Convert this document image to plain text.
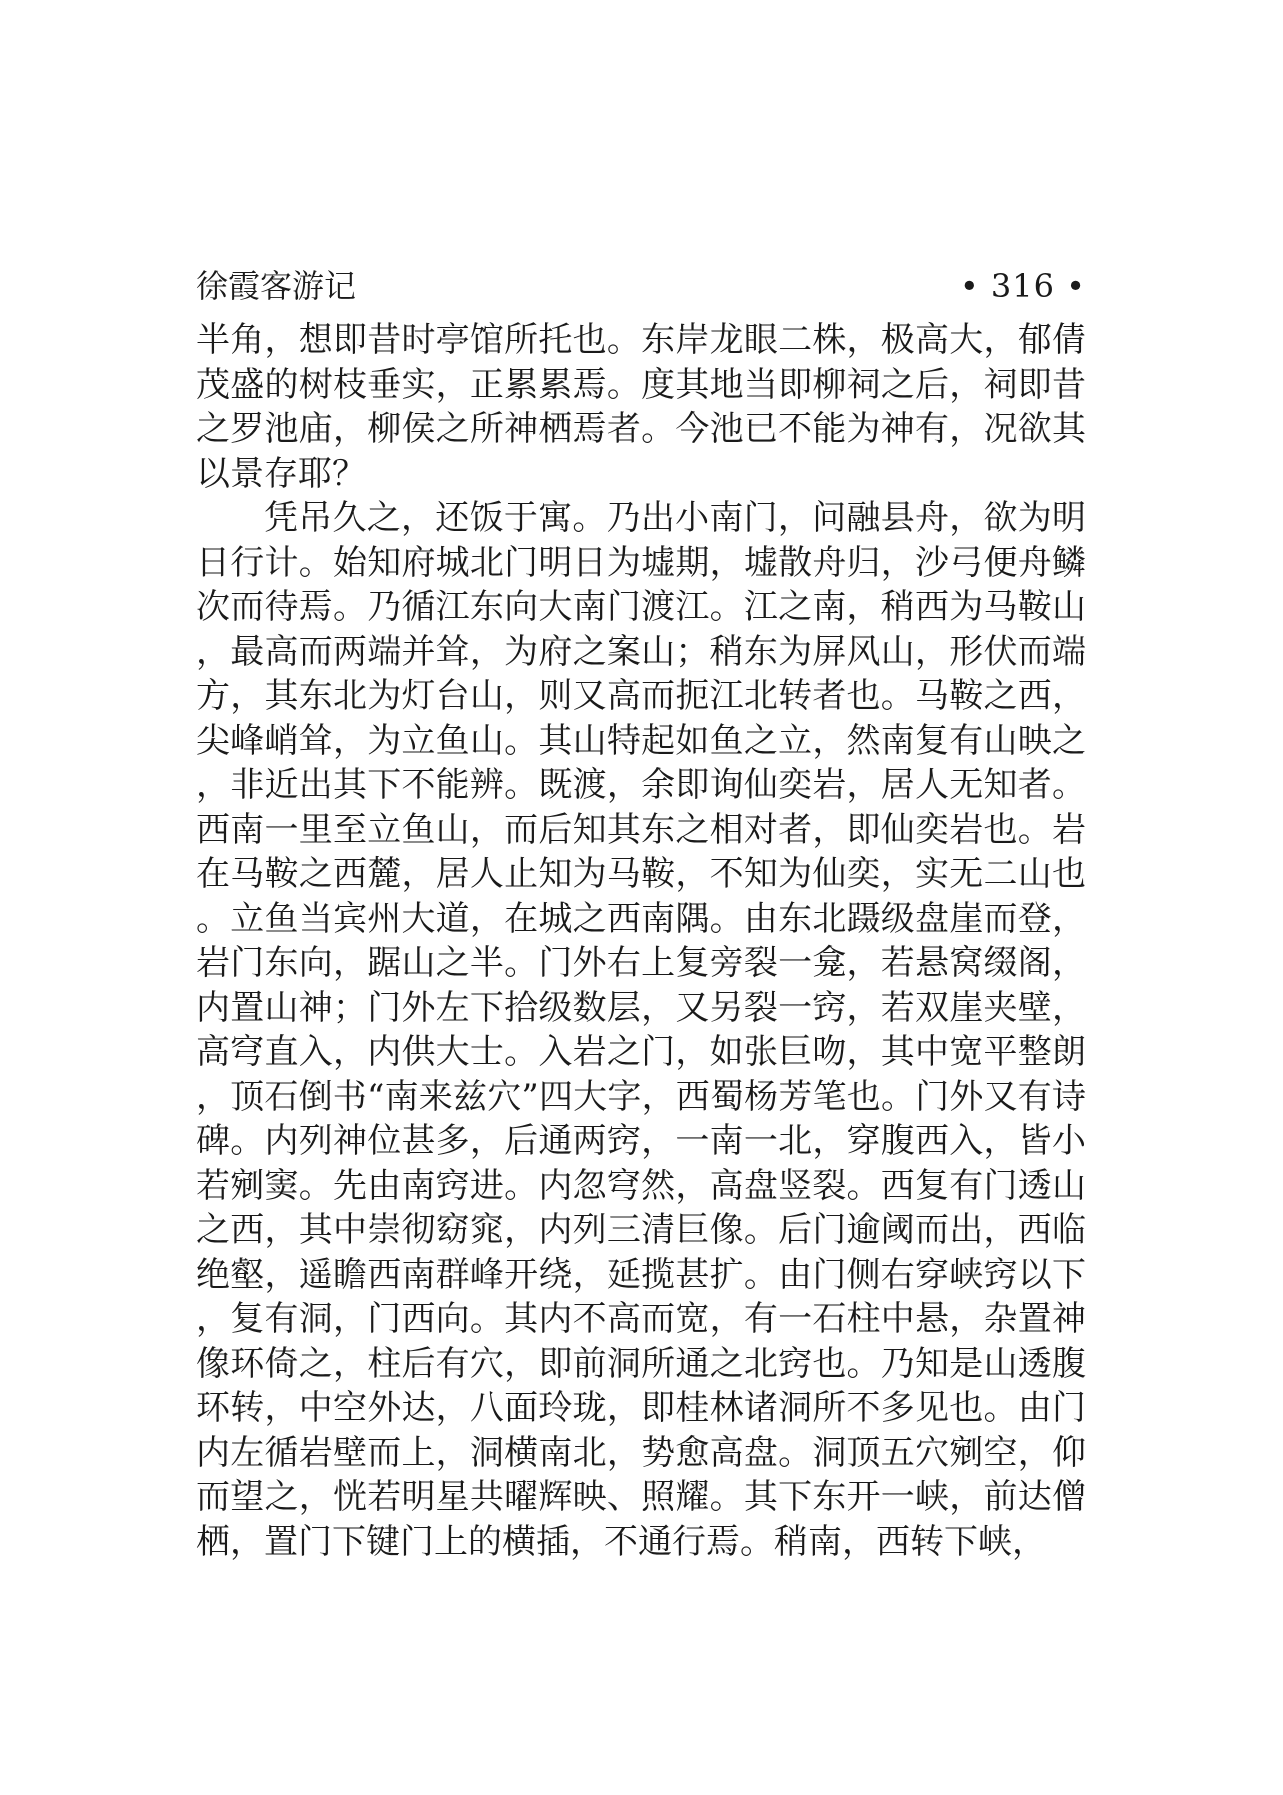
徐霞客游记	• 316 •

半角，想即昔时亭馆所托也。东岸龙眼二株，极高大，郁倩茂盛的树枝垂实，正累累焉。度其地当即柳祠之后，祠即昔之罗池庙，柳侯之所神栖焉者。今池已不能为神有，况欲其以景存耶？

凭吊久之，还饭于寓。乃出小南门，问融县舟，欲为明日行计。始知府城北门明日为墟期，墟散舟归，沙弓便舟鳞次而待焉。乃循江东向大南门渡江。江之南，稍西为马鞍山，最高而两端并耸，为府之案山；稍东为屏风山，形伏而端方，其东北为灯台山，则又高而扼江北转者也。马鞍之西，尖峰峭耸，为立鱼山。其山特起如鱼之立，然南复有山映之，非近出其下不能辨。既渡，余即询仙奕岩，居人无知者。西南一里至立鱼山，而后知其东之相对者，即仙奕岩也。岩在马鞍之西麓，居人止知为马鞍，不知为仙奕，实无二山也。立鱼当宾州大道，在城之西南隅。由东北蹑级盘崖而登，岩门东向，踞山之半。门外右上复旁裂一龛，若悬窝缀阁，内置山神；门外左下拾级数层，又另裂一窍，若双崖夹壁，高穹直入，内供大士。入岩之门，如张巨吻，其中宽平整朗，顶石倒书“南来兹穴”四大字，西蜀杨芳笔也。门外又有诗碑。内列神位甚多，后通两窍，一南一北，穿腹西入，皆小若剜窦。先由南窍进。内忽穹然，高盘竖裂。西复有门透山之西，其中崇彻窈窕，内列三清巨像。后门逾阈而出，西临绝壑，遥瞻西南群峰开绕，延揽甚扩。由门侧右穿峡窍以下，复有洞，门西向。其内不高而宽，有一石柱中悬，杂置神像环倚之，柱后有穴，即前洞所通之北窍也。乃知是山透腹环转，中空外达，八面玲珑，即桂林诸洞所不多见也。由门内左循岩壁而上，洞横南北，势愈高盘。洞顶五穴剜空，仰而望之，恍若明星共曜辉映、照耀。其下东开一峡，前达僧栖，置门下键门上的横插，不通行焉。稍南，西转下峡，
